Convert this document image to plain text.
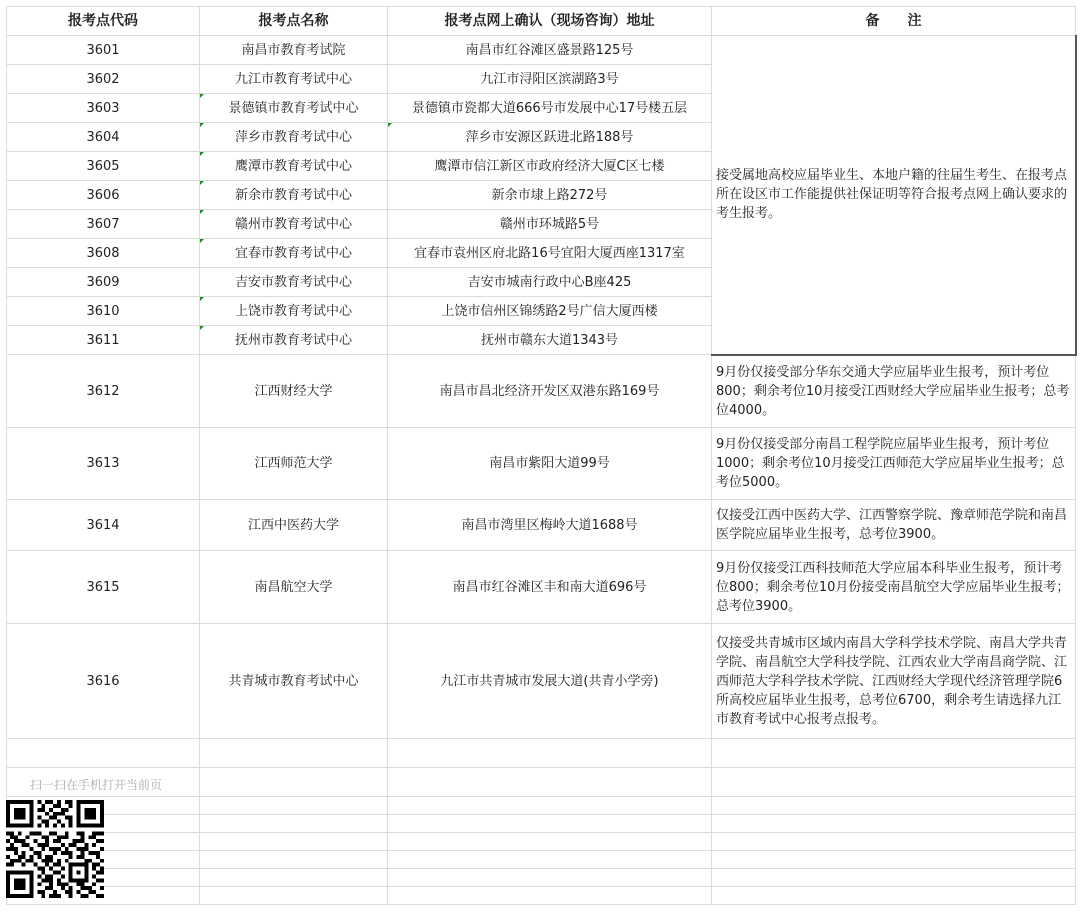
报考点代码	报考点名称	报考点网上确认（现场咨询）地址	备　　注
3601	南昌市教育考试院	南昌市红谷滩区盛景路125号	接受属地高校应届毕业生、本地户籍的往届生考生、在报考点所在设区市工作能提供社保证明等符合报考点网上确认要求的考生报考。
3602	九江市教育考试中心	九江市浔阳区滨湖路3号	
3603	景德镇市教育考试中心	景德镇市瓷都大道666号市发展中心17号楼五层	
3604	萍乡市教育考试中心	萍乡市安源区跃进北路188号	
3605	鹰潭市教育考试中心	鹰潭市信江新区市政府经济大厦C区七楼	
3606	新余市教育考试中心	新余市埭上路272号	
3607	赣州市教育考试中心	赣州市环城路5号	
3608	宜春市教育考试中心	宜春市袁州区府北路16号宜阳大厦西座1317室	
3609	吉安市教育考试中心	吉安市城南行政中心B座425	
3610	上饶市教育考试中心	上饶市信州区锦绣路2号广信大厦西楼	
3611	抚州市教育考试中心	抚州市赣东大道1343号	
3612	江西财经大学	南昌市昌北经济开发区双港东路169号	9月份仅接受部分华东交通大学应届毕业生报考，预计考位800；剩余考位10月接受江西财经大学应届毕业生报考；总考位4000。
3613	江西师范大学	南昌市紫阳大道99号	9月份仅接受部分南昌工程学院应届毕业生报考，预计考位1000；剩余考位10月接受江西师范大学应届毕业生报考；总考位5000。
3614	江西中医药大学	南昌市湾里区梅岭大道1688号	仅接受江西中医药大学、江西警察学院、豫章师范学院和南昌医学院应届毕业生报考，总考位3900。
3615	南昌航空大学	南昌市红谷滩区丰和南大道696号	9月份仅接受江西科技师范大学应届本科毕业生报考，预计考位800；剩余考位10月份接受南昌航空大学应届毕业生报考；总考位3900。
3616	共青城市教育考试中心	九江市共青城市发展大道(共青小学旁)	仅接受共青城市区域内南昌大学科学技术学院、南昌大学共青学院、南昌航空大学科技学院、江西农业大学南昌商学院、江西师范大学科学技术学院、江西财经大学现代经济管理学院6所高校应届毕业生报考，总考位6700，剩余考生请选择九江市教育考试中心报考点报考。

扫一扫在手机打开当前页
